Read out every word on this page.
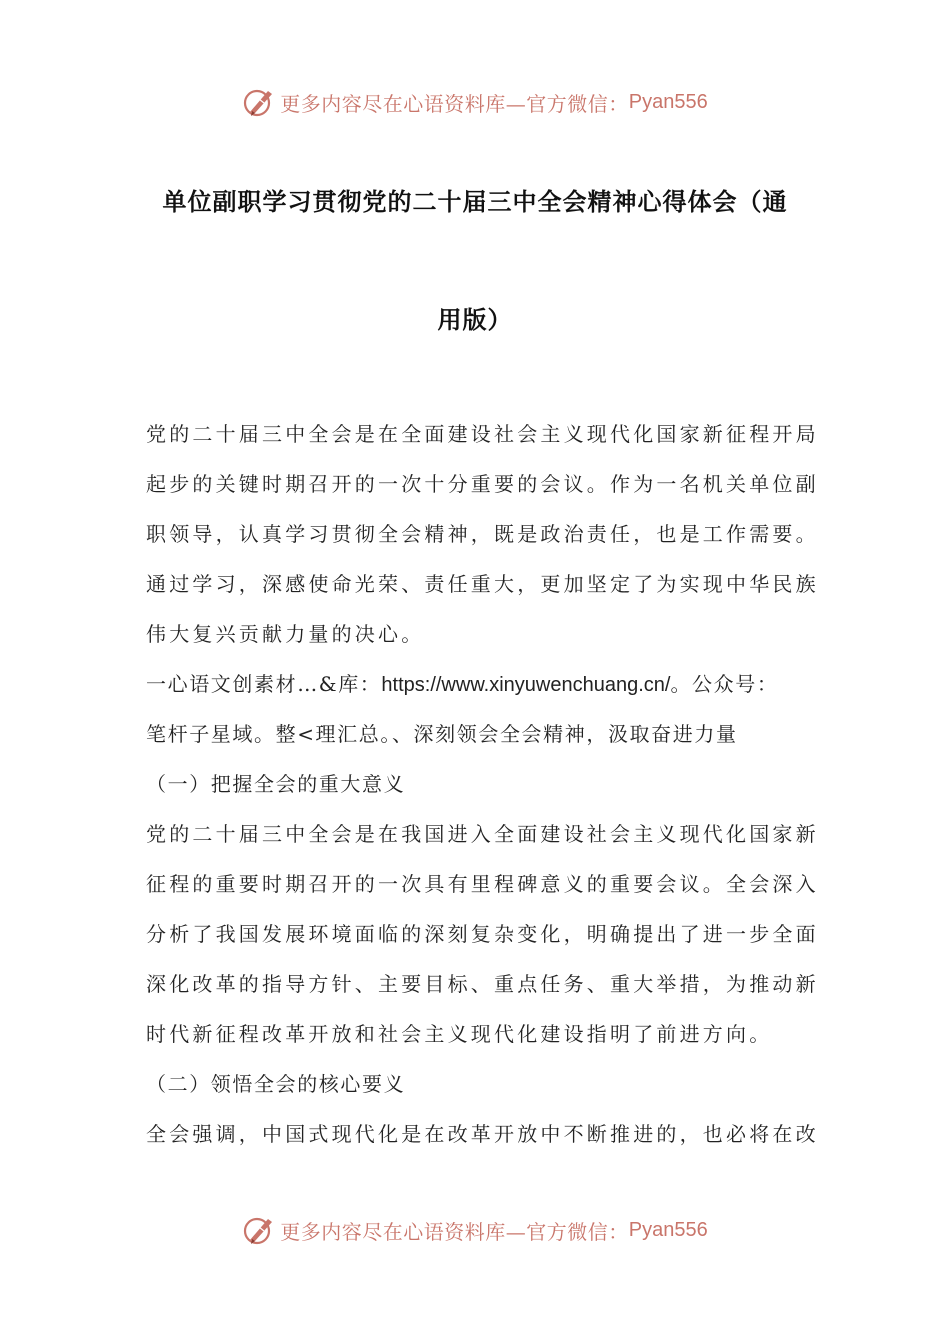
更多内容尽在心语资料库—官方微信： Pyan556
单位副职学习贯彻党的二十届三中全会精神心得体会（通
用版）
党的二十届三中全会是在全面建设社会主义现代化国家新征程开局
起步的关键时期召开的一次十分重要的会议。作为一名机关单位副
职领导，认真学习贯彻全会精神，既是政治责任，也是工作需要。
通过学习，深感使命光荣、责任重大，更加坚定了为实现中华民族
伟大复兴贡献力量的决心。
一心语文创素材…&库：https://www.xinyuwenchuang.cn/。公众号：
笔杆子星域。整<理汇总。、深刻领会全会精神，汲取奋进力量
（一）把握全会的重大意义
党的二十届三中全会是在我国进入全面建设社会主义现代化国家新
征程的重要时期召开的一次具有里程碑意义的重要会议。全会深入
分析了我国发展环境面临的深刻复杂变化，明确提出了进一步全面
深化改革的指导方针、主要目标、重点任务、重大举措，为推动新
时代新征程改革开放和社会主义现代化建设指明了前进方向。
（二）领悟全会的核心要义
全会强调，中国式现代化是在改革开放中不断推进的，也必将在改
更多内容尽在心语资料库—官方微信： Pyan556
